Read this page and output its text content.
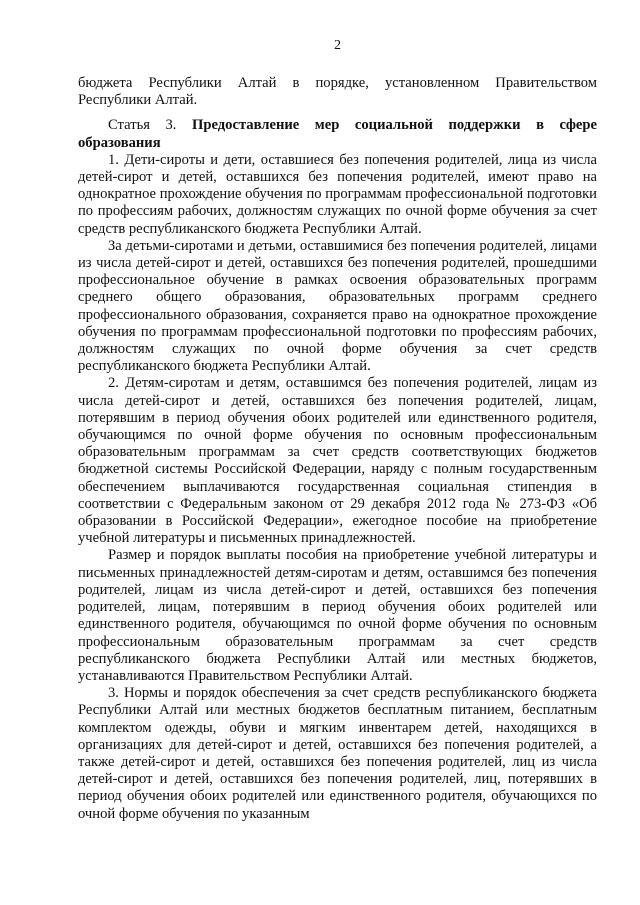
2

бюджета Республики Алтай в порядке, установленном Правительством Республики Алтай.

Статья 3. Предоставление мер социальной поддержки в сфере образования

1. Дети-сироты и дети, оставшиеся без попечения родителей, лица из числа детей-сирот и детей, оставшихся без попечения родителей, имеют право на однократное прохождение обучения по программам профессиональной подготовки по профессиям рабочих, должностям служащих по очной форме обучения за счет средств республиканского бюджета Республики Алтай.

За детьми-сиротами и детьми, оставшимися без попечения родителей, лицами из числа детей-сирот и детей, оставшихся без попечения родителей, прошедшими профессиональное обучение в рамках освоения образовательных программ среднего общего образования, образовательных программ среднего профессионального образования, сохраняется право на однократное прохождение обучения по программам профессиональной подготовки по профессиям рабочих, должностям служащих по очной форме обучения за счет средств республиканского бюджета Республики Алтай.

2. Детям-сиротам и детям, оставшимся без попечения родителей, лицам из числа детей-сирот и детей, оставшихся без попечения родителей, лицам, потерявшим в период обучения обоих родителей или единственного родителя, обучающимся по очной форме обучения по основным профессиональным образовательным программам за счет средств соответствующих бюджетов бюджетной системы Российской Федерации, наряду с полным государственным обеспечением выплачиваются государственная социальная стипендия в соответствии с Федеральным законом от 29 декабря 2012 года № 273-ФЗ «Об образовании в Российской Федерации», ежегодное пособие на приобретение учебной литературы и письменных принадлежностей.

Размер и порядок выплаты пособия на приобретение учебной литературы и письменных принадлежностей детям-сиротам и детям, оставшимся без попечения родителей, лицам из числа детей-сирот и детей, оставшихся без попечения родителей, лицам, потерявшим в период обучения обоих родителей или единственного родителя, обучающимся по очной форме обучения по основным профессиональным образовательным программам за счет средств республиканского бюджета Республики Алтай или местных бюджетов, устанавливаются Правительством Республики Алтай.

3. Нормы и порядок обеспечения за счет средств республиканского бюджета Республики Алтай или местных бюджетов бесплатным питанием, бесплатным комплектом одежды, обуви и мягким инвентарем детей, находящихся в организациях для детей-сирот и детей, оставшихся без попечения родителей, а также детей-сирот и детей, оставшихся без попечения родителей, лиц из числа детей-сирот и детей, оставшихся без попечения родителей, лиц, потерявших в период обучения обоих родителей или единственного родителя, обучающихся по очной форме обучения по указанным
